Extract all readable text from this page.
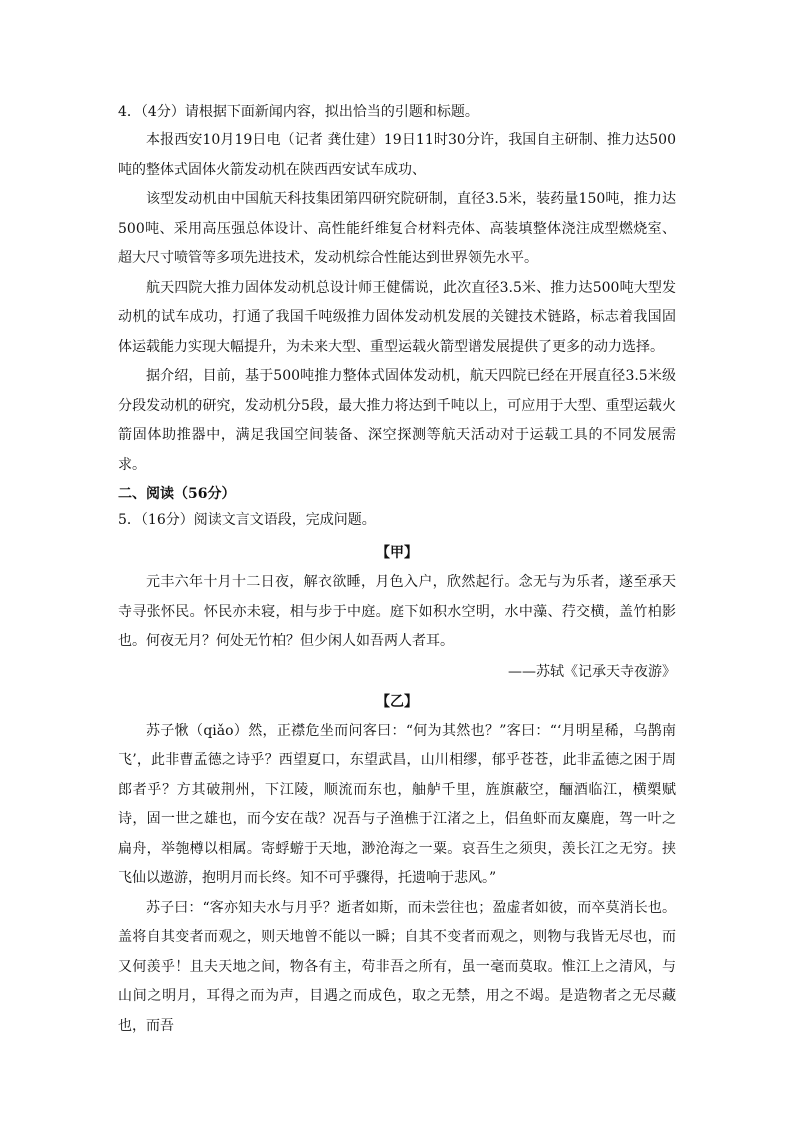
4．（4分）请根据下面新闻内容，拟出恰当的引题和标题。

本报西安10月19日电（记者 龚仕建）19日11时30分许，我国自主研制、推力达500吨的整体式固体火箭发动机在陕西西安试车成功、

该型发动机由中国航天科技集团第四研究院研制，直径3.5米，装药量150吨，推力达500吨、采用高压强总体设计、高性能纤维复合材料壳体、高装填整体浇注成型燃烧室、超大尺寸喷管等多项先进技术，发动机综合性能达到世界领先水平。

航天四院大推力固体发动机总设计师王健儒说，此次直径3.5米、推力达500吨大型发动机的试车成功，打通了我国千吨级推力固体发动机发展的关键技术链路，标志着我国固体运载能力实现大幅提升，为未来大型、重型运载火箭型谱发展提供了更多的动力选择。

据介绍，目前，基于500吨推力整体式固体发动机，航天四院已经在开展直径3.5米级分段发动机的研究，发动机分5段，最大推力将达到千吨以上，可应用于大型、重型运载火箭固体助推器中，满足我国空间装备、深空探测等航天活动对于运载工具的不同发展需求。

二、阅读（56分）

5．（16分）阅读文言文语段，完成问题。

【甲】

元丰六年十月十二日夜，解衣欲睡，月色入户，欣然起行。念无与为乐者，遂至承天寺寻张怀民。怀民亦未寝，相与步于中庭。庭下如积水空明，水中藻、荇交横，盖竹柏影也。何夜无月？何处无竹柏？但少闲人如吾两人者耳。

——苏轼《记承天寺夜游》

【乙】

苏子愀（qiǎo）然，正襟危坐而问客曰：“何为其然也？”客曰：“‘月明星稀，乌鹊南飞’，此非曹孟德之诗乎？西望夏口，东望武昌，山川相缪，郁乎苍苍，此非孟德之困于周郎者乎？方其破荆州，下江陵，顺流而东也，舳舻千里，旌旗蔽空，酾酒临江，横槊赋诗，固一世之雄也，而今安在哉？况吾与子渔樵于江渚之上，侣鱼虾而友麋鹿，驾一叶之扁舟，举匏樽以相属。寄蜉蝣于天地，渺沧海之一粟。哀吾生之须臾，羡长江之无穷。挟飞仙以遨游，抱明月而长终。知不可乎骤得，托遗响于悲风。”

苏子曰：“客亦知夫水与月乎？逝者如斯，而未尝往也；盈虚者如彼，而卒莫消长也。盖将自其变者而观之，则天地曾不能以一瞬；自其不变者而观之，则物与我皆无尽也，而又何羡乎！且夫天地之间，物各有主，苟非吾之所有，虽一毫而莫取。惟江上之清风，与山间之明月，耳得之而为声，目遇之而成色，取之无禁，用之不竭。是造物者之无尽藏也，而吾
